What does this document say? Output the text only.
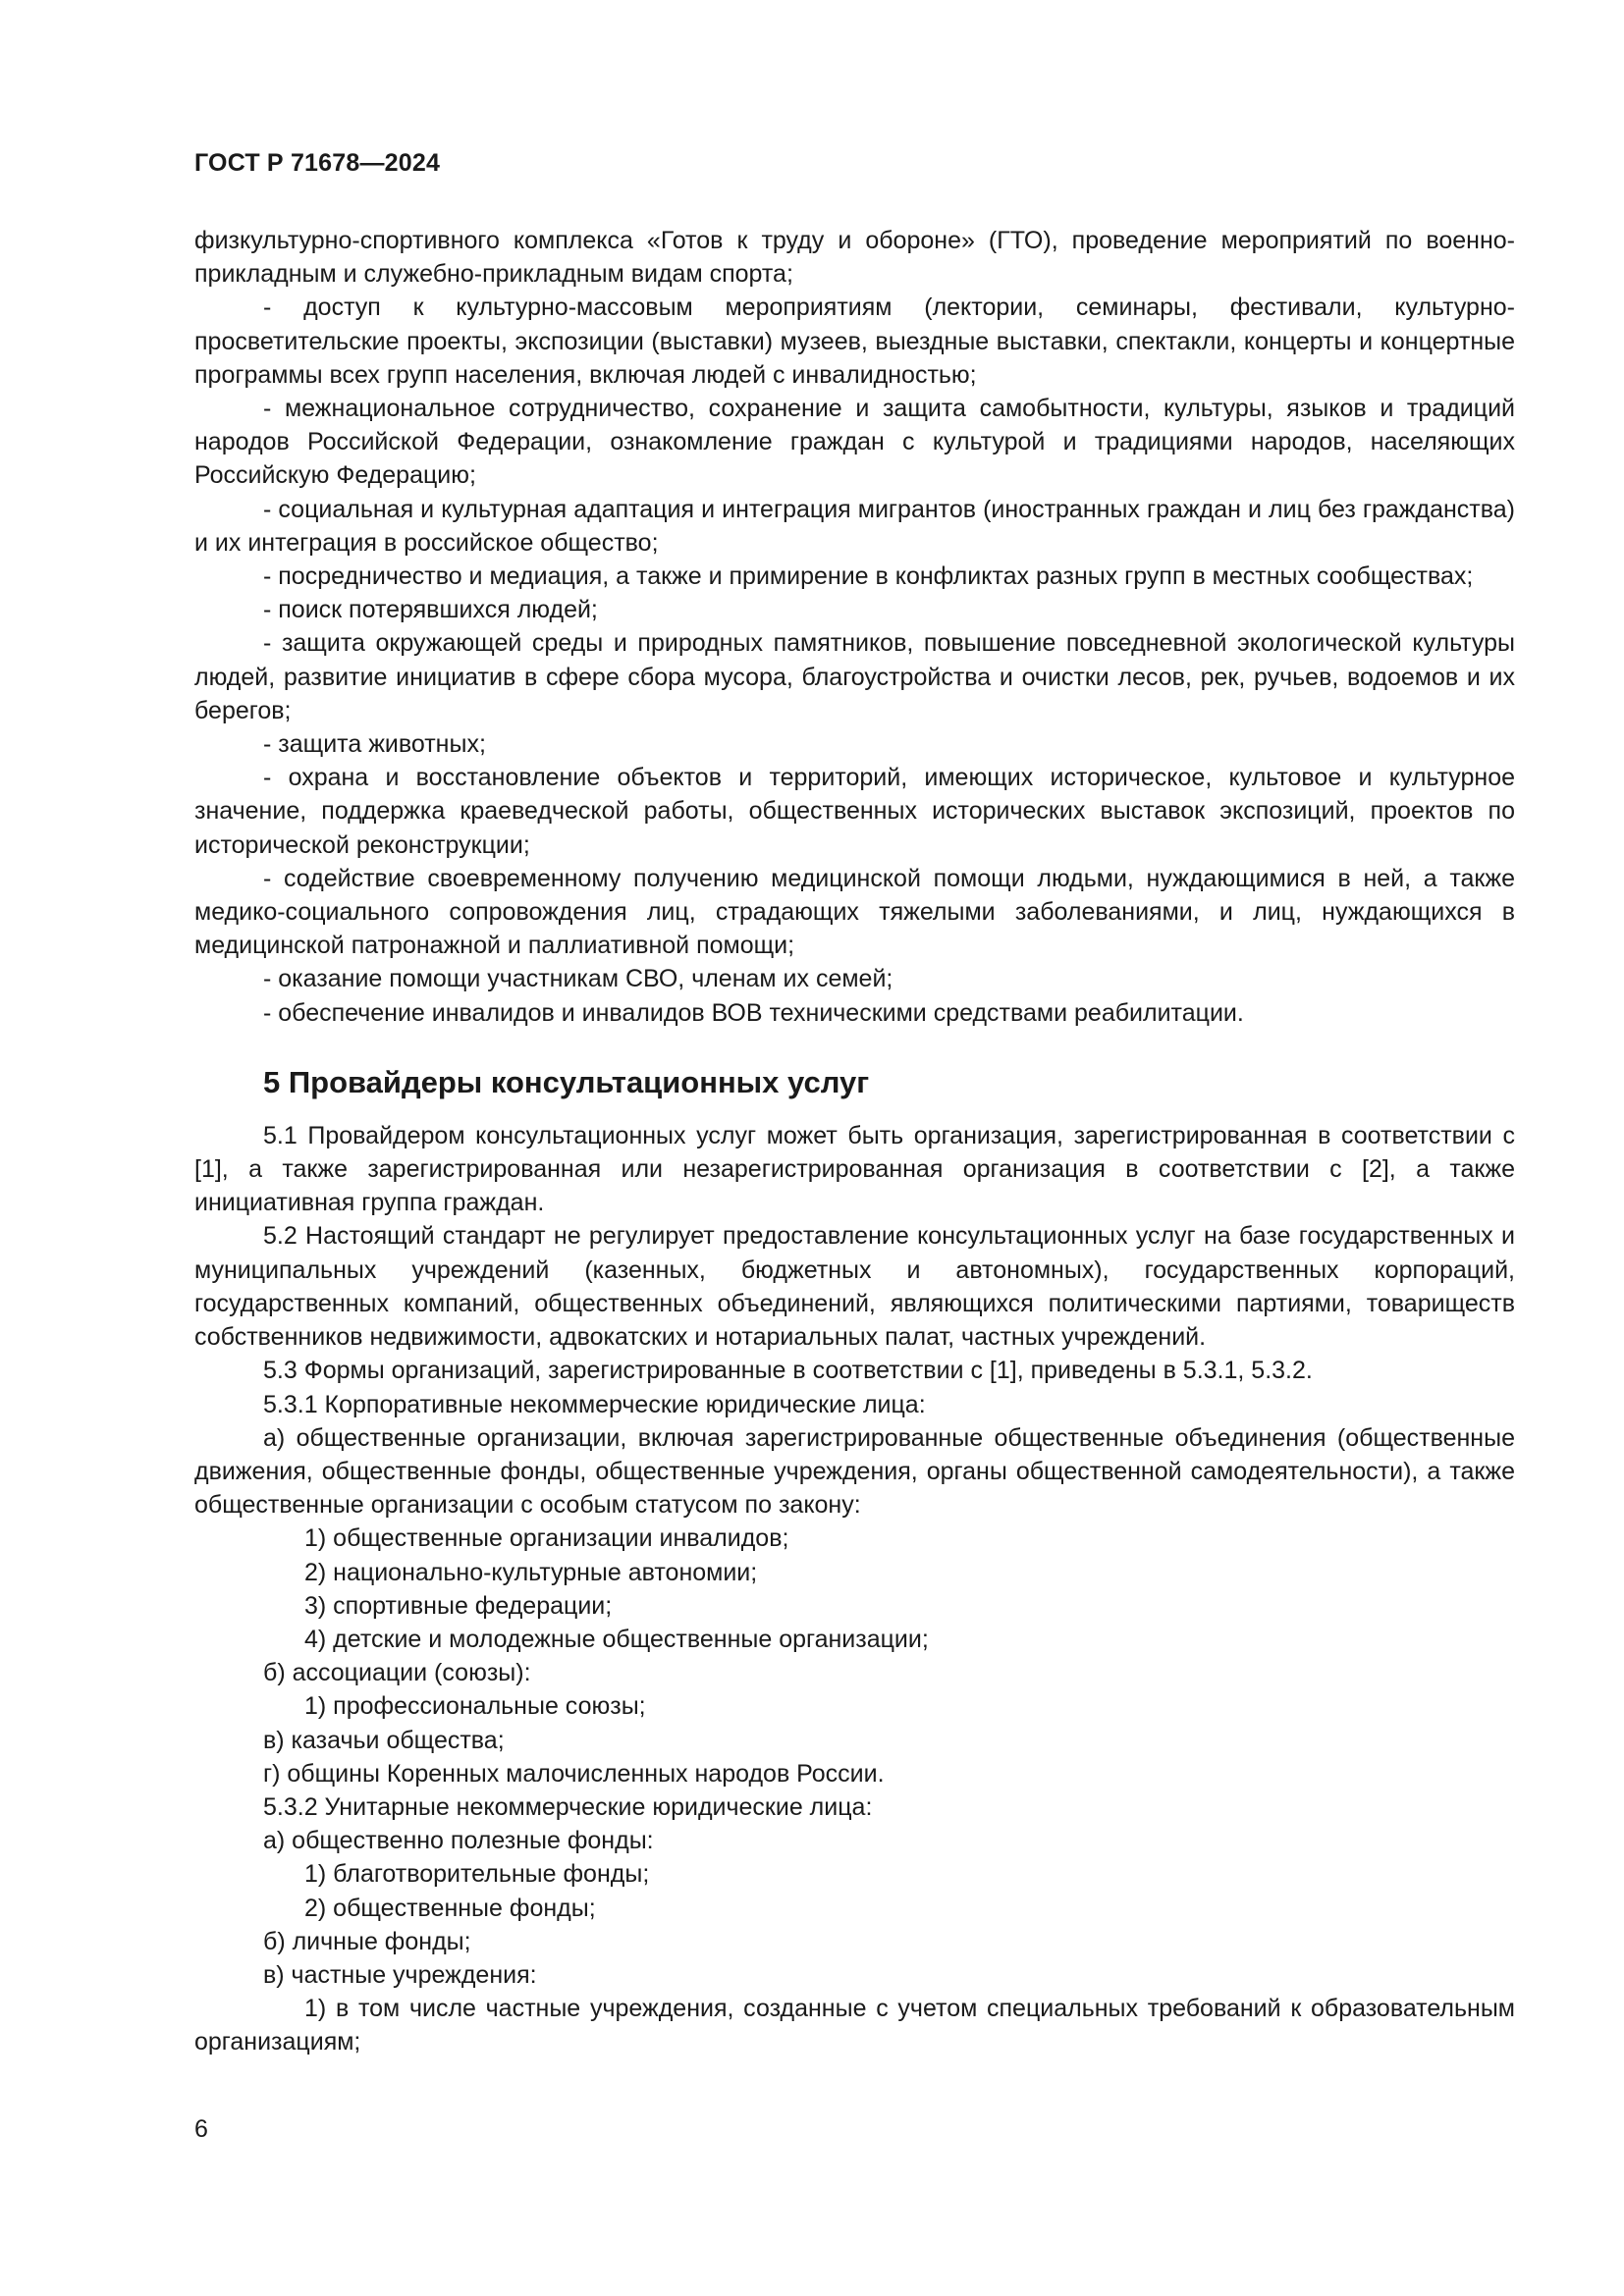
ГОСТ Р 71678—2024

физкультурно-спортивного комплекса «Готов к труду и обороне» (ГТО), проведение мероприятий по военно-прикладным и служебно-прикладным видам спорта;

- доступ к культурно-массовым мероприятиям (лектории, семинары, фестивали, культурно-просветительские проекты, экспозиции (выставки) музеев, выездные выставки, спектакли, концерты и концертные программы всех групп населения, включая людей с инвалидностью;

- межнациональное сотрудничество, сохранение и защита самобытности, культуры, языков и традиций народов Российской Федерации, ознакомление граждан с культурой и традициями народов, населяющих Российскую Федерацию;

- социальная и культурная адаптация и интеграция мигрантов (иностранных граждан и лиц без гражданства) и их интеграция в российское общество;

- посредничество и медиация, а также и примирение в конфликтах разных групп в местных сообществах;

- поиск потерявшихся людей;

- защита окружающей среды и природных памятников, повышение повседневной экологической культуры людей, развитие инициатив в сфере сбора мусора, благоустройства и очистки лесов, рек, ручьев, водоемов и их берегов;

- защита животных;

- охрана и восстановление объектов и территорий, имеющих историческое, культовое и культурное значение, поддержка краеведческой работы, общественных исторических выставок экспозиций, проектов по исторической реконструкции;

- содействие своевременному получению медицинской помощи людьми, нуждающимися в ней, а также медико-социального сопровождения лиц, страдающих тяжелыми заболеваниями, и лиц, нуждающихся в медицинской патронажной и паллиативной помощи;

- оказание помощи участникам СВО, членам их семей;

- обеспечение инвалидов и инвалидов ВОВ техническими средствами реабилитации.

5 Провайдеры консультационных услуг

5.1 Провайдером консультационных услуг может быть организация, зарегистрированная в соответствии с [1], а также зарегистрированная или незарегистрированная организация в соответствии с [2], а также инициативная группа граждан.

5.2 Настоящий стандарт не регулирует предоставление консультационных услуг на базе государственных и муниципальных учреждений (казенных, бюджетных и автономных), государственных корпораций, государственных компаний, общественных объединений, являющихся политическими партиями, товариществ собственников недвижимости, адвокатских и нотариальных палат, частных учреждений.

5.3 Формы организаций, зарегистрированные в соответствии с [1], приведены в 5.3.1, 5.3.2.

5.3.1 Корпоративные некоммерческие юридические лица:

а) общественные организации, включая зарегистрированные общественные объединения (общественные движения, общественные фонды, общественные учреждения, органы общественной самодеятельности), а также общественные организации с особым статусом по закону:

1) общественные организации инвалидов;

2) национально-культурные автономии;

3) спортивные федерации;

4) детские и молодежные общественные организации;

б) ассоциации (союзы):

1) профессиональные союзы;

в) казачьи общества;

г) общины Коренных малочисленных народов России.

5.3.2 Унитарные некоммерческие юридические лица:

а) общественно полезные фонды:

1) благотворительные фонды;

2) общественные фонды;

б) личные фонды;

в) частные учреждения:

1) в том числе частные учреждения, созданные с учетом специальных требований к образовательным организациям;

6
